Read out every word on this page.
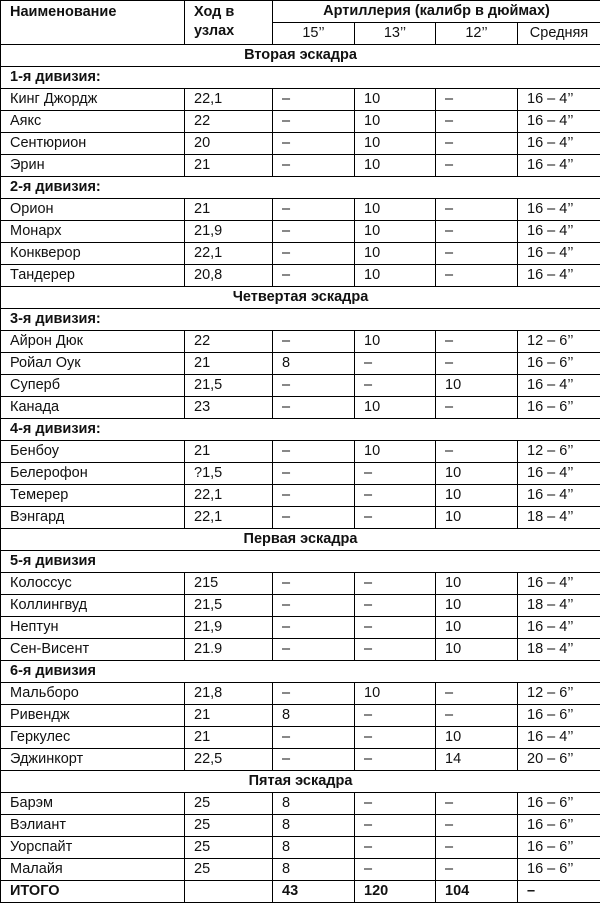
Наименование	Ход в узлах	Артиллерия (калибр в дюймах)			
		15’’	13’’	12’’	Средняя
Вторая эскадра					
1-я дивизия:					
Кинг Джордж	22,1	–	10	–	16 – 4’’
Аякс	22	–	10	–	16 – 4’’
Сентюрион	20	–	10	–	16 – 4’’
Эрин	21	–	10	–	16 – 4’’
2-я дивизия:					
Орион	21	–	10	–	16 – 4’’
Монарх	21,9	–	10	–	16 – 4’’
Конкверор	22,1	–	10	–	16 – 4’’
Тандерер	20,8	–	10	–	16 – 4’’
Четвертая эскадра					
3-я дивизия:					
Айрон Дюк	22	–	10	–	12 – 6’’
Ройал Оук	21	8	–	–	16 – 6’’
Суперб	21,5	–	–	10	16 – 4’’
Канада	23	–	10	–	16 – 6’’
4-я дивизия:					
Бенбоу	21	–	10	–	12 – 6’’
Белерофон	?1,5	–	–	10	16 – 4’’
Темерер	22,1	–	–	10	16 – 4’’
Вэнгард	22,1	–	–	10	18 – 4’’
Первая эскадра					
5-я дивизия					
Колоссус	215	–	–	10	16 – 4’’
Коллингвуд	21,5	–	–	10	18 – 4’’
Нептун	21,9	–	–	10	16 – 4’’
Сен-Висент	21.9	–	–	10	18 – 4’’
6-я дивизия					
Мальборо	21,8	–	10	–	12 – 6’’
Ривендж	21	8	–	–	16 – 6’’
Геркулес	21	–	–	10	16 – 4’’
Эджинкорт	22,5	–	–	14	20 – 6’’
Пятая эскадра					
Барэм	25	8	–	–	16 – 6’’
Вэлиант	25	8	–	–	16 – 6’’
Уорспайт	25	8	–	–	16 – 6’’
Малайя	25	8	–	–	16 – 6’’
ИТОГО		43	120	104	–
